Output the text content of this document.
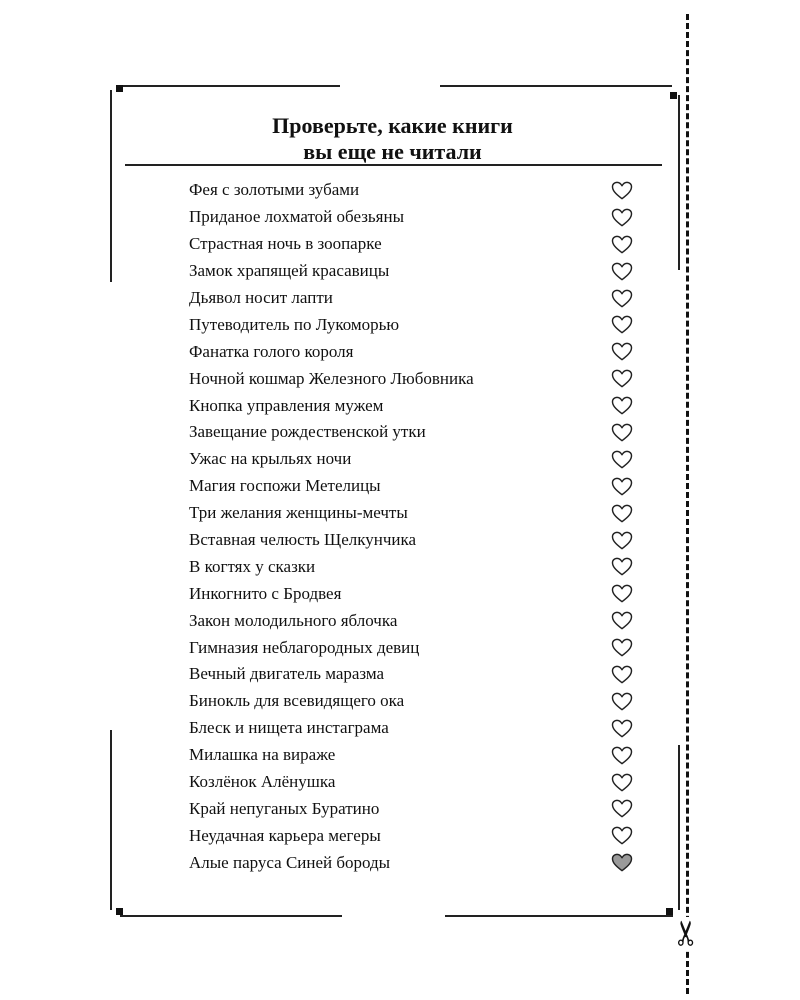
✂
Проверьте, какие книги
вы еще не читали
Фея с золотыми зубами
Приданое лохматой обезьяны
Страстная ночь в зоопарке
Замок храпящей красавицы
Дьявол носит лапти
Путеводитель по Лукоморью
Фанатка голого короля
Ночной кошмар Железного Любовника
Кнопка управления мужем
Завещание рождественской утки
Ужас на крыльях ночи
Магия госпожи Метелицы
Три желания женщины-мечты
Вставная челюсть Щелкунчика
В когтях у сказки
Инкогнито с Бродвея
Закон молодильного яблочка
Гимназия неблагородных девиц
Вечный двигатель маразма
Бинокль для всевидящего ока
Блеск и нищета инстаграма
Милашка на вираже
Козлёнок Алёнушка
Край непуганых Буратино
Неудачная карьера мегеры
Алые паруса Синей бороды
